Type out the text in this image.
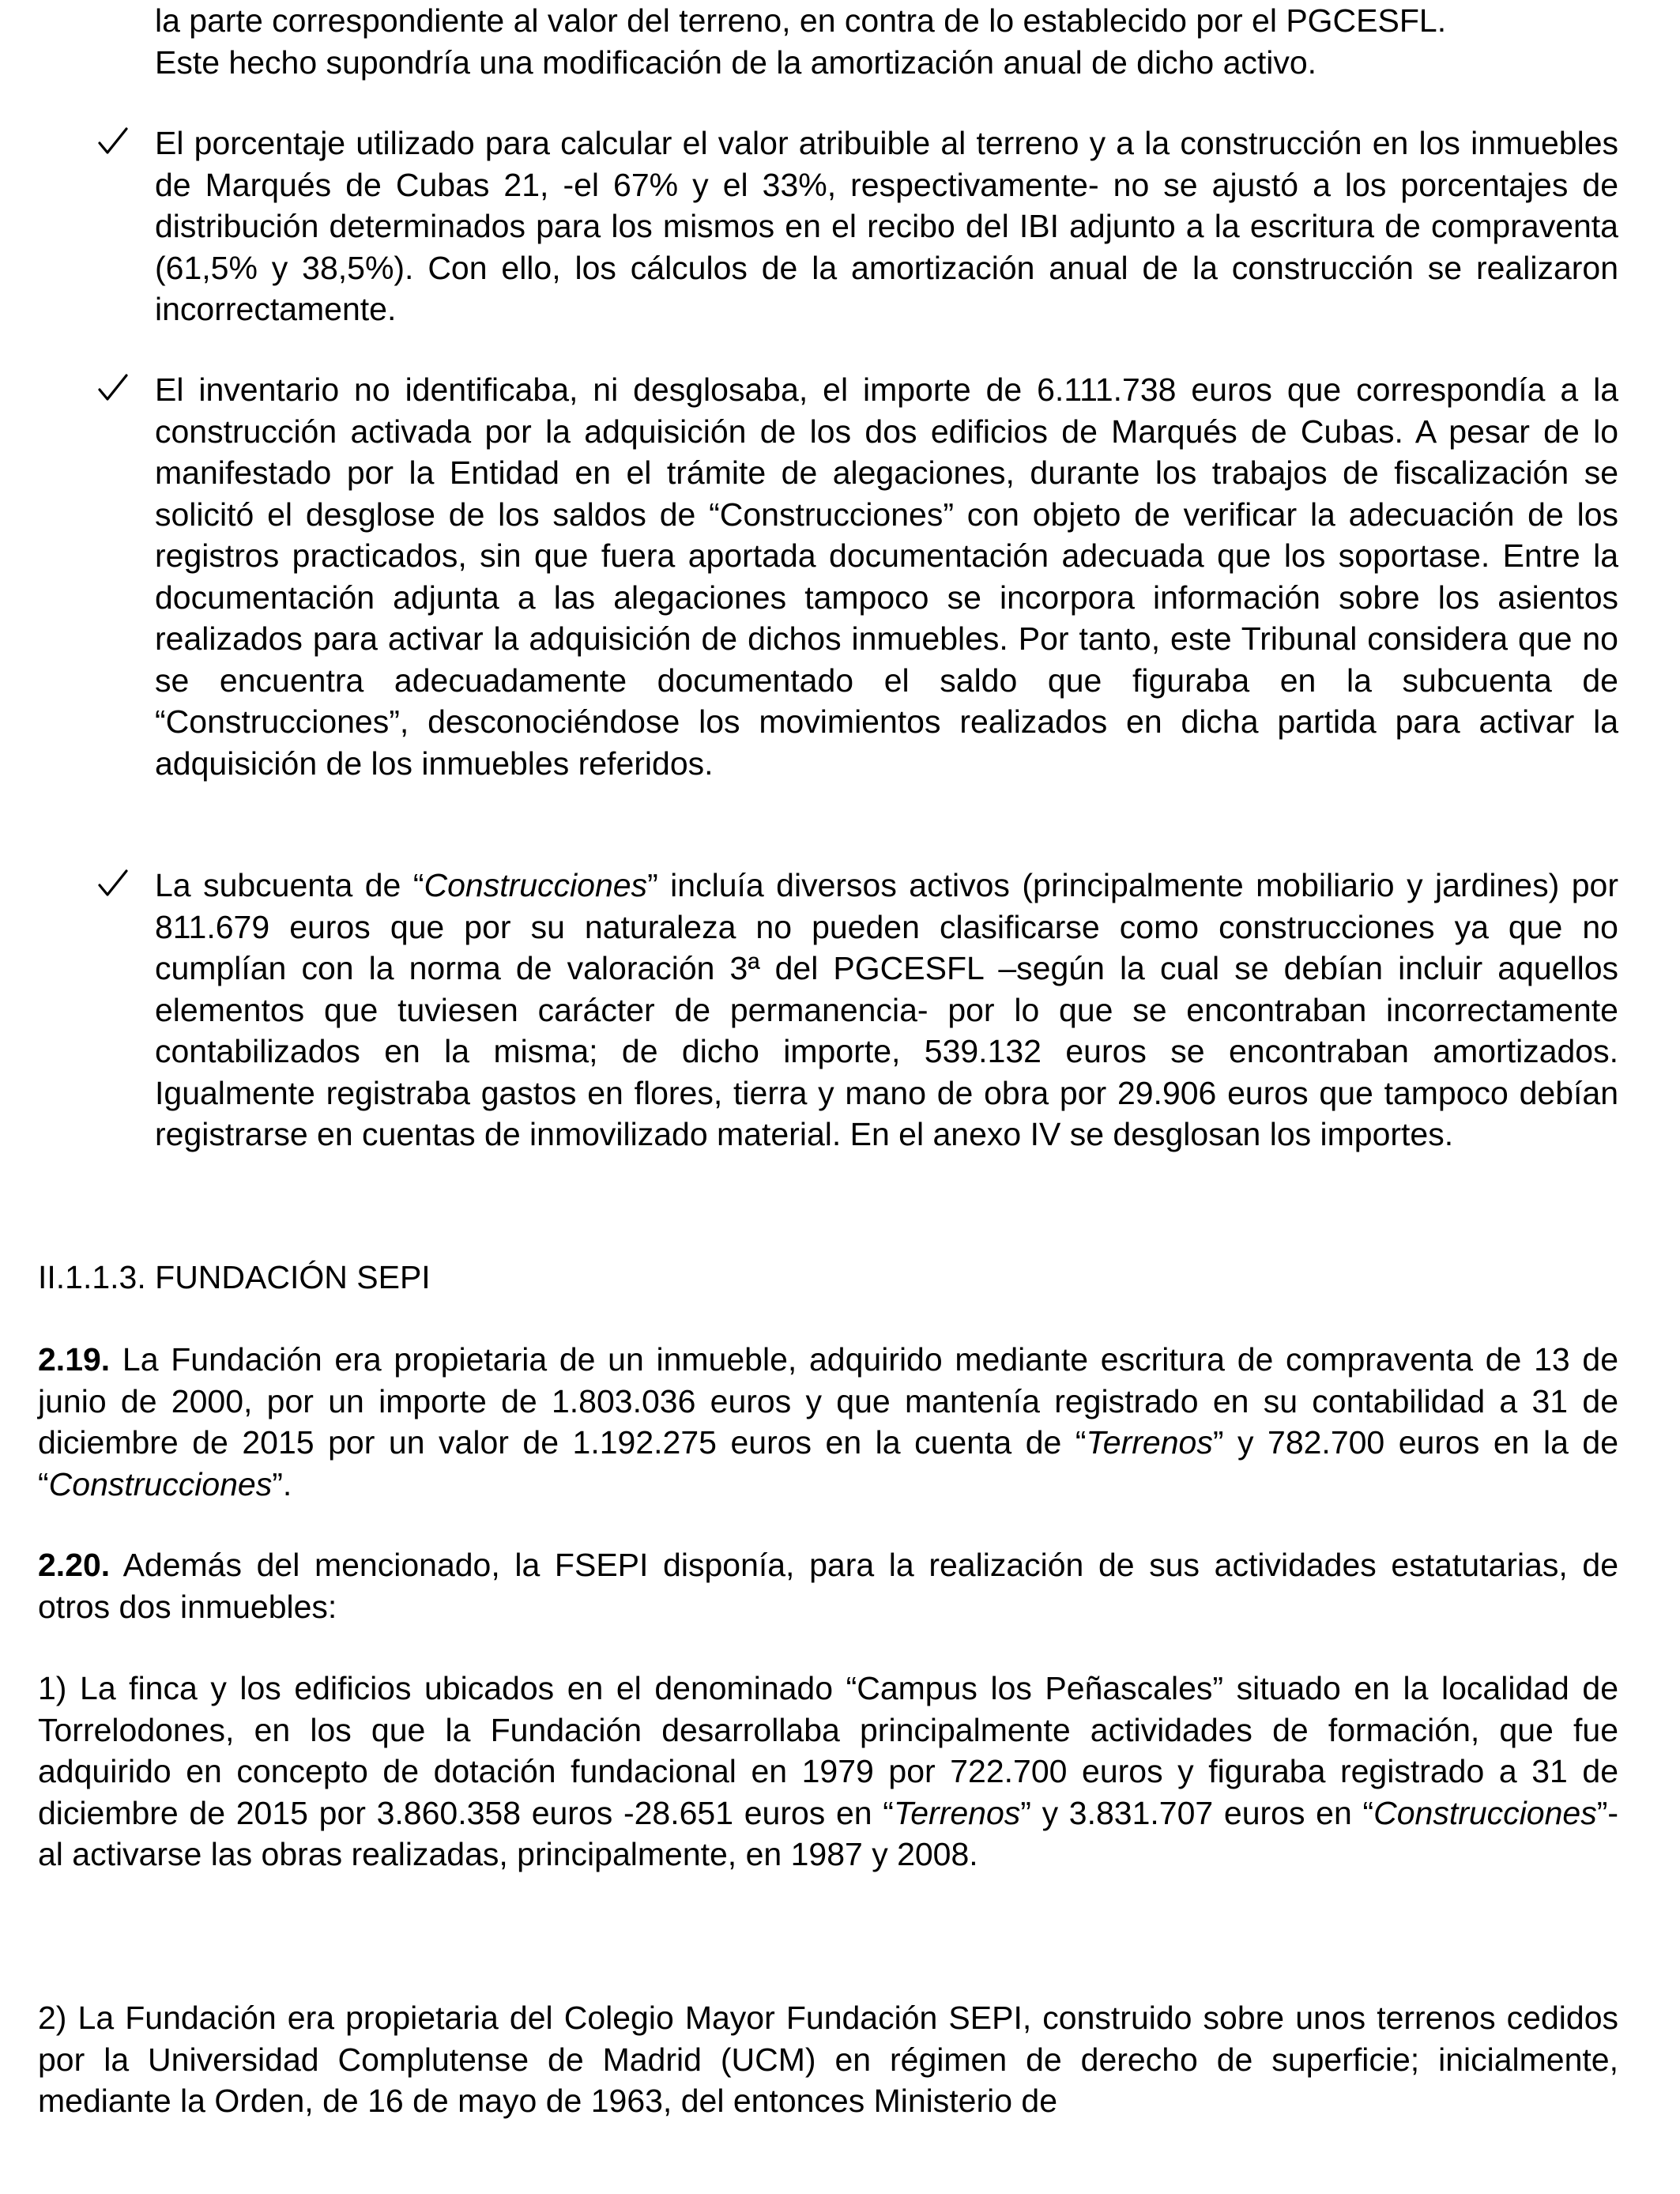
la parte correspondiente al valor del terreno, en contra de lo establecido por el PGCESFL.
Este hecho supondría una modificación de la amortización anual de dicho activo.

El porcentaje utilizado para calcular el valor atribuible al terreno y a la construcción en los inmuebles de Marqués de Cubas 21, -el 67% y el 33%, respectivamente- no se ajustó a los porcentajes de distribución determinados para los mismos en el recibo del IBI adjunto a la escritura de compraventa (61,5% y 38,5%). Con ello, los cálculos de la amortización anual de la construcción se realizaron incorrectamente.

El inventario no identificaba, ni desglosaba, el importe de 6.111.738 euros que correspondía a la construcción activada por la adquisición de los dos edificios de Marqués de Cubas. A pesar de lo manifestado por la Entidad en el trámite de alegaciones, durante los trabajos de fiscalización se solicitó el desglose de los saldos de “Construcciones” con objeto de verificar la adecuación de los registros practicados, sin que fuera aportada documentación adecuada que los soportase. Entre la documentación adjunta a las alegaciones tampoco se incorpora información sobre los asientos realizados para activar la adquisición de dichos inmuebles. Por tanto, este Tribunal considera que no se encuentra adecuadamente documentado el saldo que figuraba en la subcuenta de “Construcciones”, desconociéndose los movimientos realizados en dicha partida para activar la adquisición de los inmuebles referidos.

La subcuenta de “Construcciones” incluía diversos activos (principalmente mobiliario y jardines) por 811.679 euros que por su naturaleza no pueden clasificarse como construcciones ya que no cumplían con la norma de valoración 3ª del PGCESFL –según la cual se debían incluir aquellos elementos que tuviesen carácter de permanencia- por lo que se encontraban incorrectamente contabilizados en la misma; de dicho importe, 539.132 euros se encontraban amortizados. Igualmente registraba gastos en flores, tierra y mano de obra por 29.906 euros que tampoco debían registrarse en cuentas de inmovilizado material. En el anexo IV se desglosan los importes.

II.1.1.3. FUNDACIÓN SEPI

2.19. La Fundación era propietaria de un inmueble, adquirido mediante escritura de compraventa de 13 de junio de 2000, por un importe de 1.803.036 euros y que mantenía registrado en su contabilidad a 31 de diciembre de 2015 por un valor de 1.192.275 euros en la cuenta de “Terrenos” y 782.700 euros en la de “Construcciones”.

2.20. Además del mencionado, la FSEPI disponía, para la realización de sus actividades estatutarias, de otros dos inmuebles:

1) La finca y los edificios ubicados en el denominado “Campus los Peñascales” situado en la localidad de Torrelodones, en los que la Fundación desarrollaba principalmente actividades de formación, que fue adquirido en concepto de dotación fundacional en 1979 por 722.700 euros y figuraba registrado a 31 de diciembre de 2015 por 3.860.358 euros -28.651 euros en “Terrenos” y 3.831.707 euros en “Construcciones”- al activarse las obras realizadas, principalmente, en 1987 y 2008.

2) La Fundación era propietaria del Colegio Mayor Fundación SEPI, construido sobre unos terrenos cedidos por la Universidad Complutense de Madrid (UCM) en régimen de derecho de superficie; inicialmente, mediante la Orden, de 16 de mayo de 1963, del entonces Ministerio de
